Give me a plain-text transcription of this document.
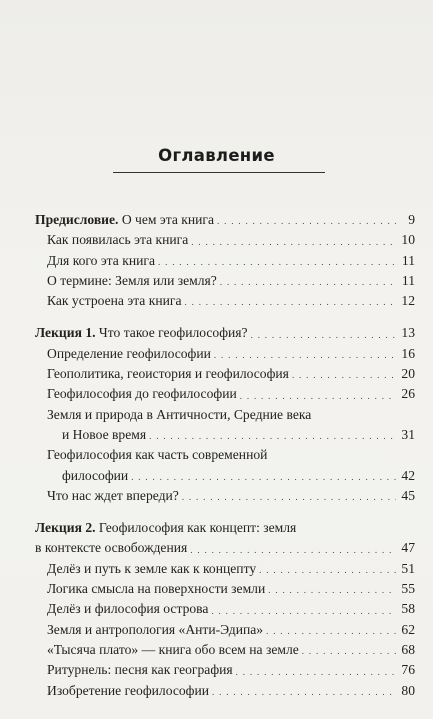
Оглавление
Предисловие. О чем эта книга . . .	9
Как появилась эта книга . . .	10
Для кого эта книга . . .	11
О термине: Земля или земля? . . .	11
Как устроена эта книга . . .	12
Лекция 1. Что такое геофилософия? . . .	13
Определение геофилософии . . .	16
Геополитика, геоистория и геофилософия . . .	20
Геофилософия до геофилософии . . .	26
Земля и природа в Античности, Средние века
и Новое время . . .	31
Геофилософия как часть современной
философии . . .	42
Что нас ждет впереди? . . .	45
Лекция 2. Геофилософия как концепт: земля
в контексте освобождения . . .	47
Делёз и путь к земле как к концепту . . .	51
Логика смысла на поверхности земли . . .	55
Делёз и философия острова . . .	58
Земля и антропология «Анти-Эдипа» . . .	62
«Тысяча плато» — книга обо всем на земле . . .	68
Ритурнель: песня как география . . .	76
Изобретение геофилософии . . .	80
